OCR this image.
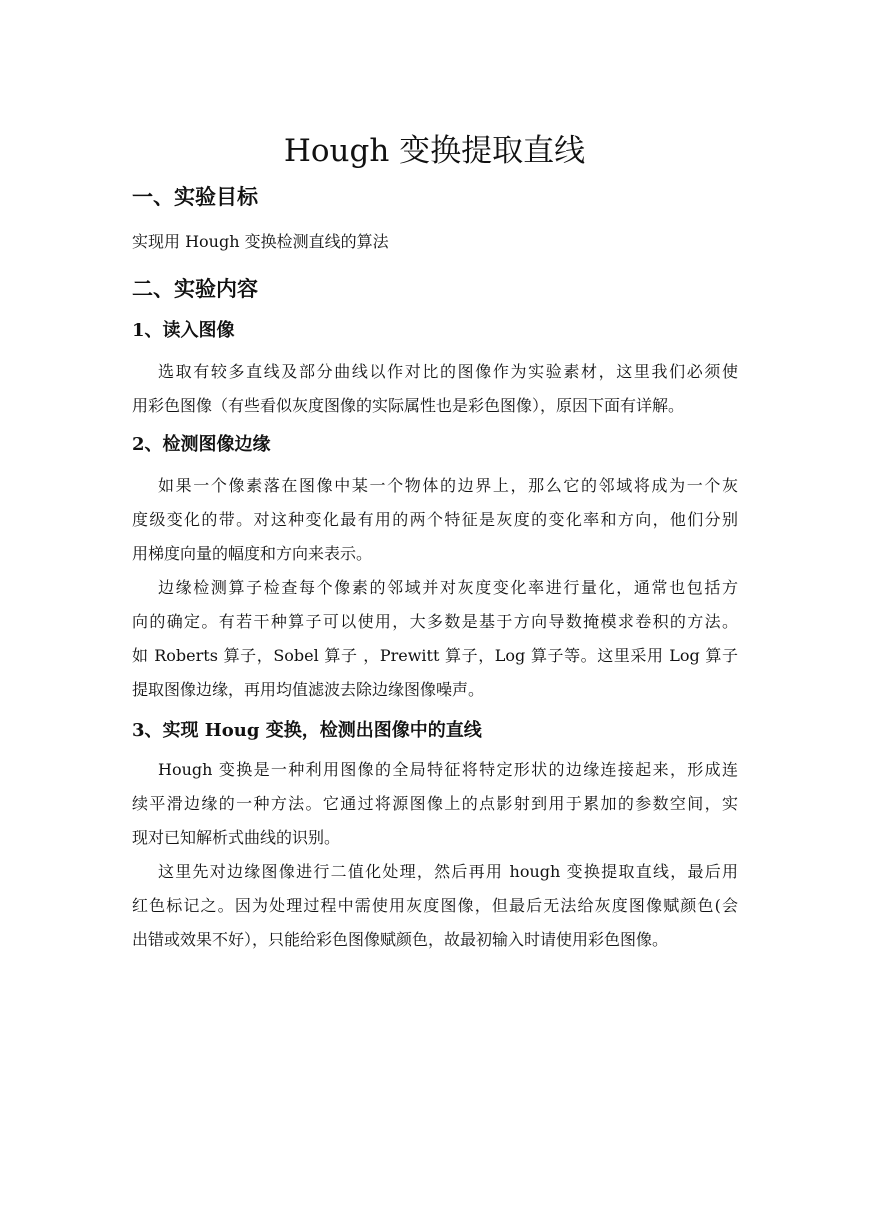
Hough 变换提取直线
一、实验目标

实现用 Hough 变换检测直线的算法

二、实验内容
1、读入图像

选取有较多直线及部分曲线以作对比的图像作为实验素材，这里我们必须使

用彩色图像（有些看似灰度图像的实际属性也是彩色图像），原因下面有详解。

2、检测图像边缘

如果一个像素落在图像中某一个物体的边界上，那么它的邻域将成为一个灰

度级变化的带。对这种变化最有用的两个特征是灰度的变化率和方向，他们分别

用梯度向量的幅度和方向来表示。

边缘检测算子检查每个像素的邻域并对灰度变化率进行量化，通常也包括方

向的确定。有若干种算子可以使用，大多数是基于方向导数掩模求卷积的方法。

如 Roberts 算子，Sobel 算子 ，Prewitt 算子，Log 算子等。这里采用 Log 算子

提取图像边缘，再用均值滤波去除边缘图像噪声。

3、实现 Houg 变换，检测出图像中的直线

Hough 变换是一种利用图像的全局特征将特定形状的边缘连接起来，形成连

续平滑边缘的一种方法。它通过将源图像上的点影射到用于累加的参数空间，实

现对已知解析式曲线的识别。

这里先对边缘图像进行二值化处理，然后再用 hough 变换提取直线，最后用

红色标记之。因为处理过程中需使用灰度图像，但最后无法给灰度图像赋颜色(会

出错或效果不好），只能给彩色图像赋颜色，故最初输入时请使用彩色图像。
